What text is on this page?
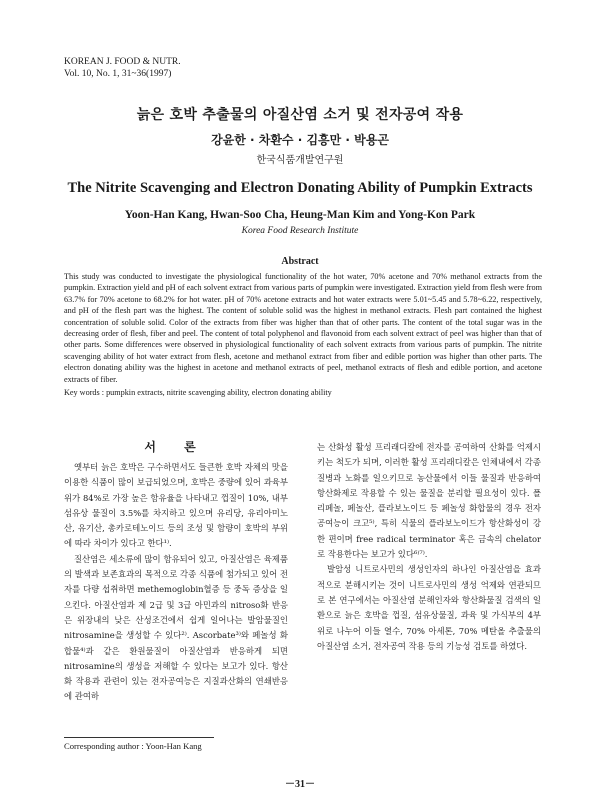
KOREAN J. FOOD & NUTR.
Vol. 10, No. 1, 31~36(1997)
늙은 호박 추출물의 아질산염 소거 및 전자공여 작용
강윤한 · 차환수 · 김흥만 · 박용곤
한국식품개발연구원
The Nitrite Scavenging and Electron Donating Ability of Pumpkin Extracts
Yoon-Han Kang, Hwan-Soo Cha, Heung-Man Kim and Yong-Kon Park
Korea Food Research Institute
Abstract
This study was conducted to investigate the physiological functionality of the hot water, 70% acetone and 70% methanol extracts from the pumpkin. Extraction yield and pH of each solvent extract from various parts of pumpkin were investigated. Extraction yield from flesh were from 63.7% for 70% acetone to 68.2% for hot water. pH of 70% acetone extracts and hot water extracts were 5.01~5.45 and 5.78~6.22, respectively, and pH of the flesh part was the highest. The content of soluble solid was the highest in methanol extracts. Flesh part contained the highest concentration of soluble solid. Color of the extracts from fiber was higher than that of other parts. The content of the total sugar was in the decreasing order of flesh, fiber and peel. The content of total polyphenol and flavonoid from each solvent extract of peel was higher than that of other parts. Some differences were observed in physiological functionality of each solvent extracts from various parts of pumpkin. The nitrite scavenging ability of hot water extract from flesh, acetone and methanol extract from fiber and edible portion was higher than other parts. The electron donating ability was the highest in acetone and methanol extracts of peel, methanol extracts of flesh and edible portion, and acetone extracts of fiber.
Key words : pumpkin extracts, nitrite scavenging ability, electron donating ability
서 론

옛부터 늙은 호박은 구수하면서도 들큰한 호박 자체의 맛을 이용한 식품이 많이 보급되었으며, 호박은 중량에 있어 과육부위가 84%로 가장 높은 함유율을 나타내고 껍질이 10%, 내부섬유상 물질이 3.5%를 차지하고 있으며 유리당, 유리아미노산, 유기산, 총카로테노이드 등의 조성 및 함량이 호박의 부위에 따라 차이가 있다고 한다¹⁾.

질산염은 세소류에 많이 함유되어 있고, 아질산염은 육제품의 발색과 보존효과의 목적으로 각종 식품에 첨가되고 있어 전자를 다량 섭취하면 methemoglobin혈증 등 중독 증상을 일으킨다. 아질산염과 제 2급 및 3급 아민과의 nitroso화 반응은 위장내의 낮은 산성조건에서 쉽게 일어나는 발암물질인 nitrosamine을 생성할 수 있다²⁾. Ascorbate³⁾와 페놀성 화합물⁴⁾과 같은 환원물질이 아질산염과 반응하게 되면 nitrosamine의 생성을 저해할 수 있다는 보고가 있다. 항산화 작용과 관련이 있는 전자공여능은 지질과산화의 연쇄반응에 관여하

는 산화성 활성 프리래디칼에 전자를 공여하여 산화를 억제시키는 척도가 되며, 이러한 활성 프리래디칼은 인체내에서 각종 질병과 노화를 일으키므로 농산물에서 이들 물질과 반응하여 항산화제로 작용할 수 있는 물질을 분리할 필요성이 있다. 폴리페놀, 페놀산, 플라보노이드 등 페놀성 화합물의 경우 전자공여능이 크고⁵⁾, 특히 식물의 플라보노이드가 항산화성이 강한 편이며 free radical terminator 혹은 금속의 chelator로 작용한다는 보고가 있다⁶⁾⁷⁾.

발암성 니트로사민의 생성인자의 하나인 아질산염을 효과적으로 분해시키는 것이 니트로사민의 생성 억제와 연관되므로 본 연구에서는 아질산염 분해인자와 항산화물질 검색의 일환으로 늙은 호박을 껍질, 섬유상물질, 과육 및 가식부의 4부위로 나누어 이들 열수, 70% 아세톤, 70% 메탄올 추출물의 아질산염 소거, 전자공여 작용 등의 기능성 검토를 하였다.

Corresponding author : Yoon-Han Kang
－31－
